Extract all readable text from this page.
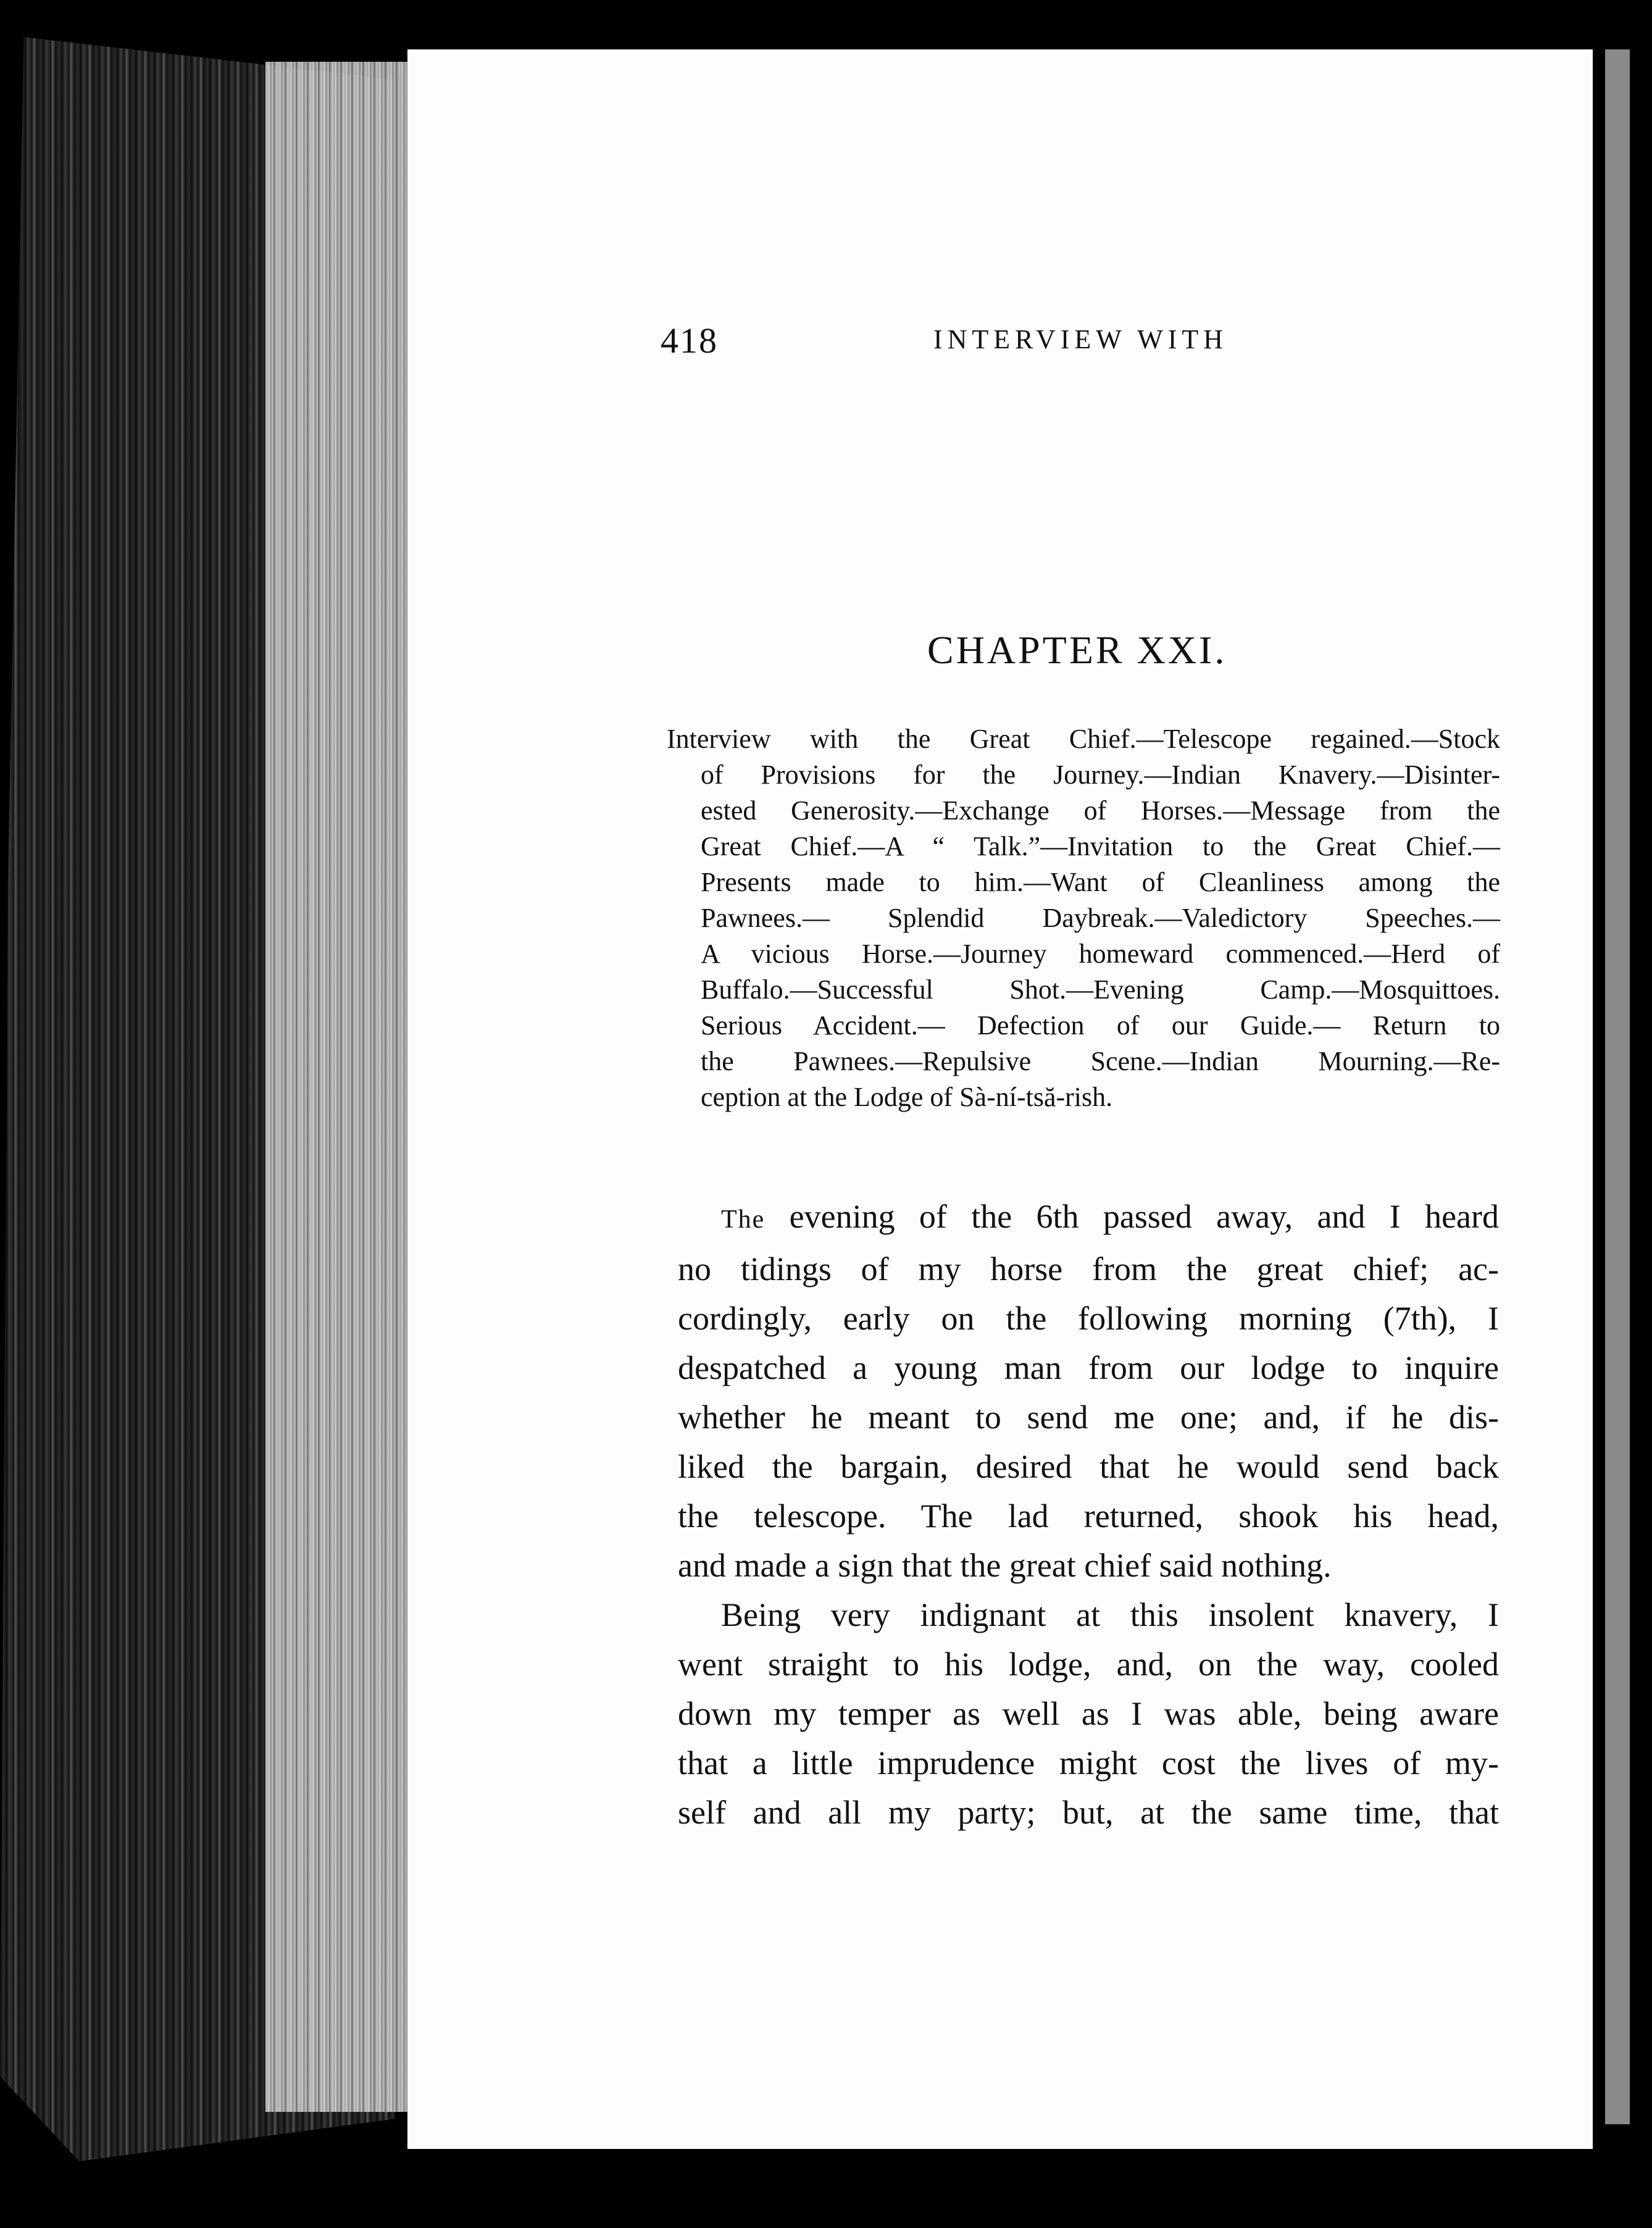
418	INTERVIEW WITH
CHAPTER XXI.
Interview with the Great Chief.—Telescope regained.—Stock
of Provisions for the Journey.—Indian Knavery.—Disinter-
ested Generosity.—Exchange of Horses.—Message from the
Great Chief.—A “ Talk.”—Invitation to the Great Chief.—
Presents made to him.—Want of Cleanliness among the
Pawnees.— Splendid Daybreak.—Valedictory Speeches.—
A vicious Horse.—Journey homeward commenced.—Herd of
Buffalo.—Successful Shot.—Evening Camp.—Mosquittoes.
Serious Accident.— Defection of our Guide.— Return to
the Pawnees.—Repulsive Scene.—Indian Mourning.—Re-
ception at the Lodge of Sà-ní-tsă-rish.
The evening of the 6th passed away, and I heard
no tidings of my horse from the great chief; ac-
cordingly, early on the following morning (7th), I
despatched a young man from our lodge to inquire
whether he meant to send me one; and, if he dis-
liked the bargain, desired that he would send back
the telescope. The lad returned, shook his head,
and made a sign that the great chief said nothing.
Being very indignant at this insolent knavery, I
went straight to his lodge, and, on the way, cooled
down my temper as well as I was able, being aware
that a little imprudence might cost the lives of my-
self and all my party; but, at the same time, that
